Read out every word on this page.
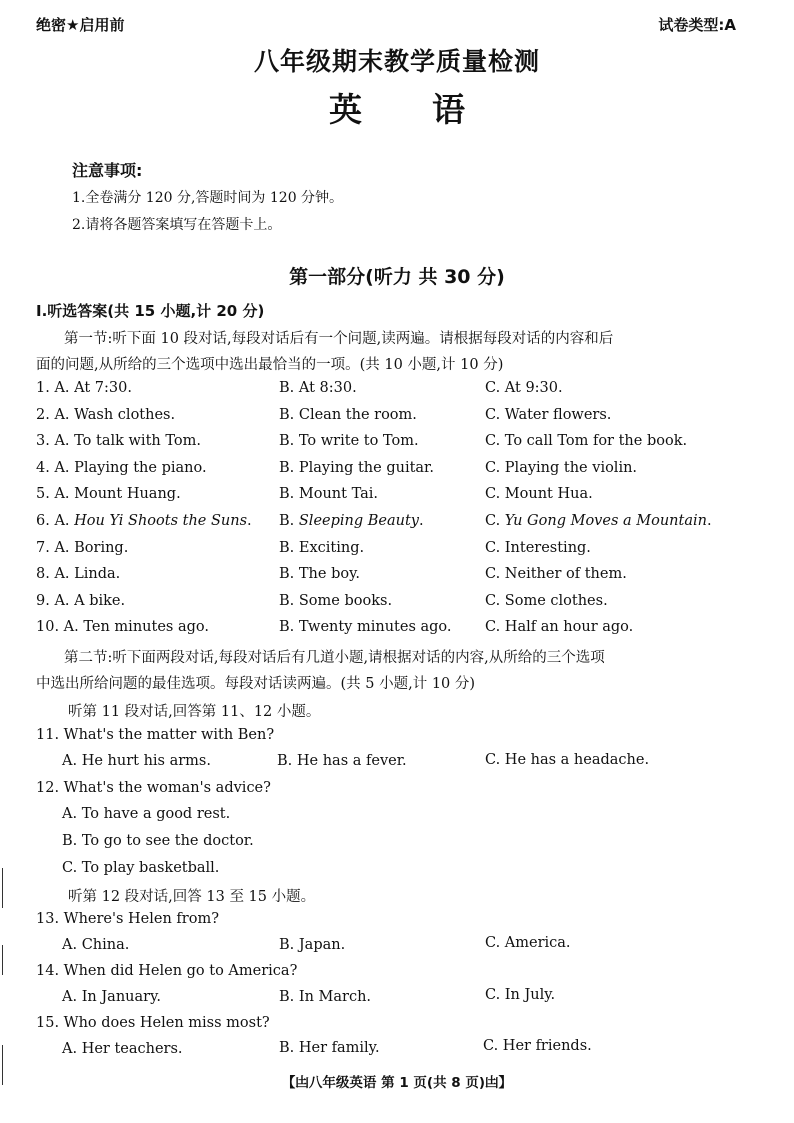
绝密★启用前	试卷类型:A
八年级期末教学质量检测
英语
注意事项:
1.全卷满分 120 分,答题时间为 120 分钟。
2.请将各题答案填写在答题卡上。
第一部分(听力 共 30 分)
Ⅰ.听选答案(共 15 小题,计 20 分)
第一节:听下面 10 段对话,每段对话后有一个问题,读两遍。请根据每段对话的内容和后
面的问题,从所给的三个选项中选出最恰当的一项。(共 10 小题,计 10 分)
1. A. At 7:30.	B. At 8:30.	C. At 9:30.
2. A. Wash clothes.	B. Clean the room.	C. Water flowers.
3. A. To talk with Tom.	B. To write to Tom.	C. To call Tom for the book.
4. A. Playing the piano.	B. Playing the guitar.	C. Playing the violin.
5. A. Mount Huang.	B. Mount Tai.	C. Mount Hua.
6. A. Hou Yi Shoots the Suns. B. Sleeping Beauty.	C. Yu Gong Moves a Mountain.
7. A. Boring.	B. Exciting.	C. Interesting.
8. A. Linda.	B. The boy.	C. Neither of them.
9. A. A bike.	B. Some books.	C. Some clothes.
10. A. Ten minutes ago.	B. Twenty minutes ago. C. Half an hour ago.
第二节:听下面两段对话,每段对话后有几道小题,请根据对话的内容,从所给的三个选项
中选出所给问题的最佳选项。每段对话读两遍。(共 5 小题,计 10 分)
听第 11 段对话,回答第 11、12 小题。
11. What's the matter with Ben?
A. He hurt his arms.	B. He has a fever.	C. He has a headache.
12. What's the woman's advice?
A. To have a good rest.
B. To go to see the doctor.
C. To play basketball.
听第 12 段对话,回答 13 至 15 小题。
13. Where's Helen from?
A. China.	B. Japan.	C. America.
14. When did Helen go to America?
A. In January.	B. In March.	C. In July.
15. Who does Helen miss most?
A. Her teachers.	B. Her family.	C. Her friends.
【凷八年级英语 第 1 页(共 8 页)凷】
